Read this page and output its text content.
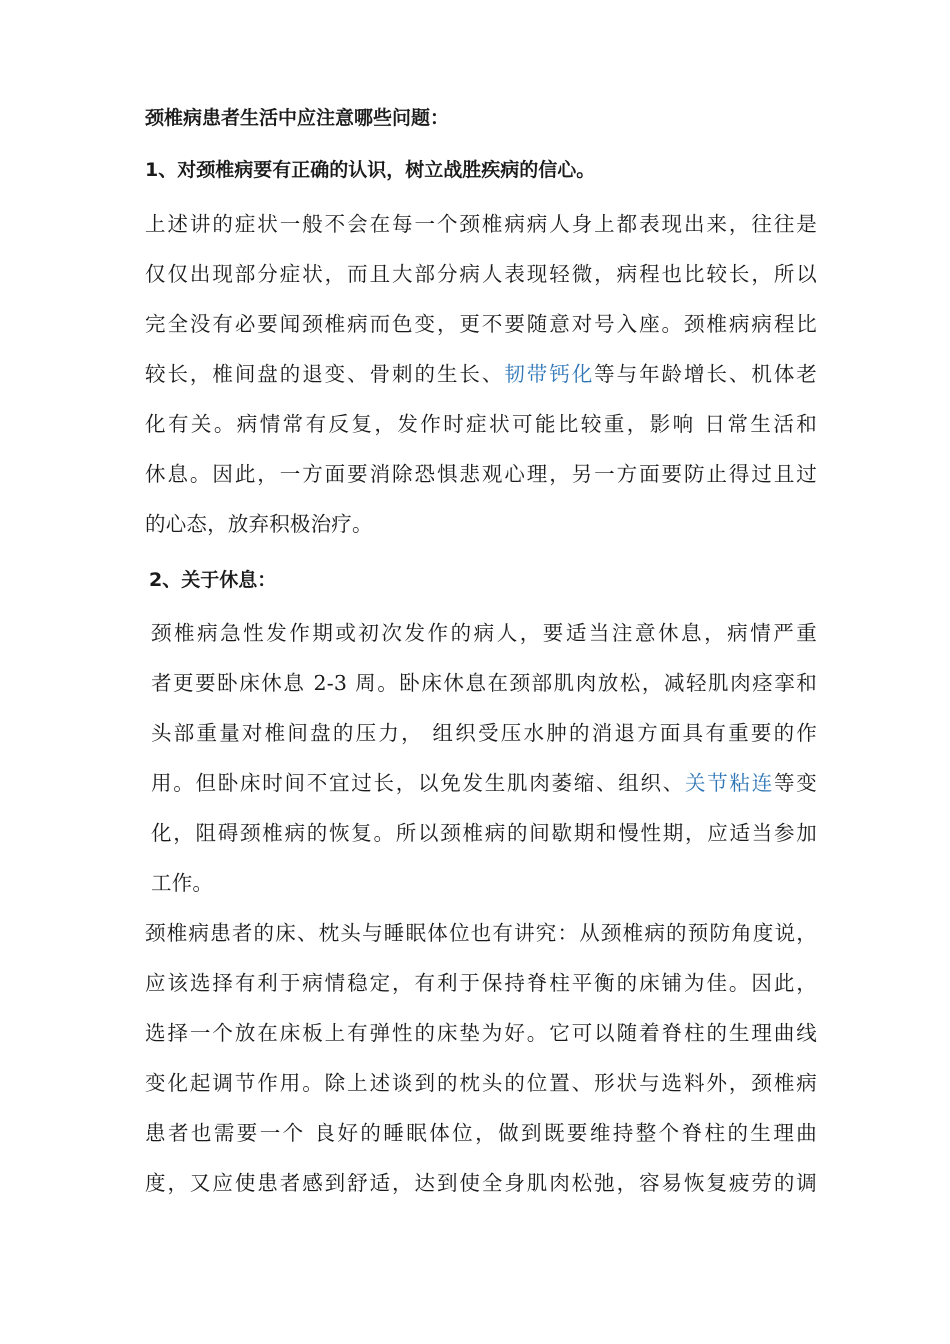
颈椎病患者生活中应注意哪些问题：

1、对颈椎病要有正确的认识，树立战胜疾病的信心。

上述讲的症状一般不会在每一个颈椎病病人身上都表现出来，往往是
仅仅出现部分症状，而且大部分病人表现轻微，病程也比较长，所以
完全没有必要闻颈椎病而色变，更不要随意对号入座。颈椎病病程比
较长，椎间盘的退变、骨刺的生长、韧带钙化等与年龄增长、机体老
化有关。病情常有反复，发作时症状可能比较重，影响 日常生活和
休息。因此，一方面要消除恐惧悲观心理，另一方面要防止得过且过
的心态，放弃积极治疗。

2、关于休息：

颈椎病急性发作期或初次发作的病人，要适当注意休息，病情严重
者更要卧床休息 2-3 周。卧床休息在颈部肌肉放松，减轻肌肉痉挛和
头部重量对椎间盘的压力， 组织受压水肿的消退方面具有重要的作
用。但卧床时间不宜过长，以免发生肌肉萎缩、组织、关节粘连等变
化，阻碍颈椎病的恢复。所以颈椎病的间歇期和慢性期，应适当参加
工作。
颈椎病患者的床、枕头与睡眠体位也有讲究：从颈椎病的预防角度说，
应该选择有利于病情稳定，有利于保持脊柱平衡的床铺为佳。因此，
选择一个放在床板上有弹性的床垫为好。它可以随着脊柱的生理曲线
变化起调节作用。除上述谈到的枕头的位置、形状与选料外，颈椎病
患者也需要一个 良好的睡眠体位，做到既要维持整个脊柱的生理曲
度，又应使患者感到舒适，达到使全身肌肉松弛，容易恢复疲劳的调
